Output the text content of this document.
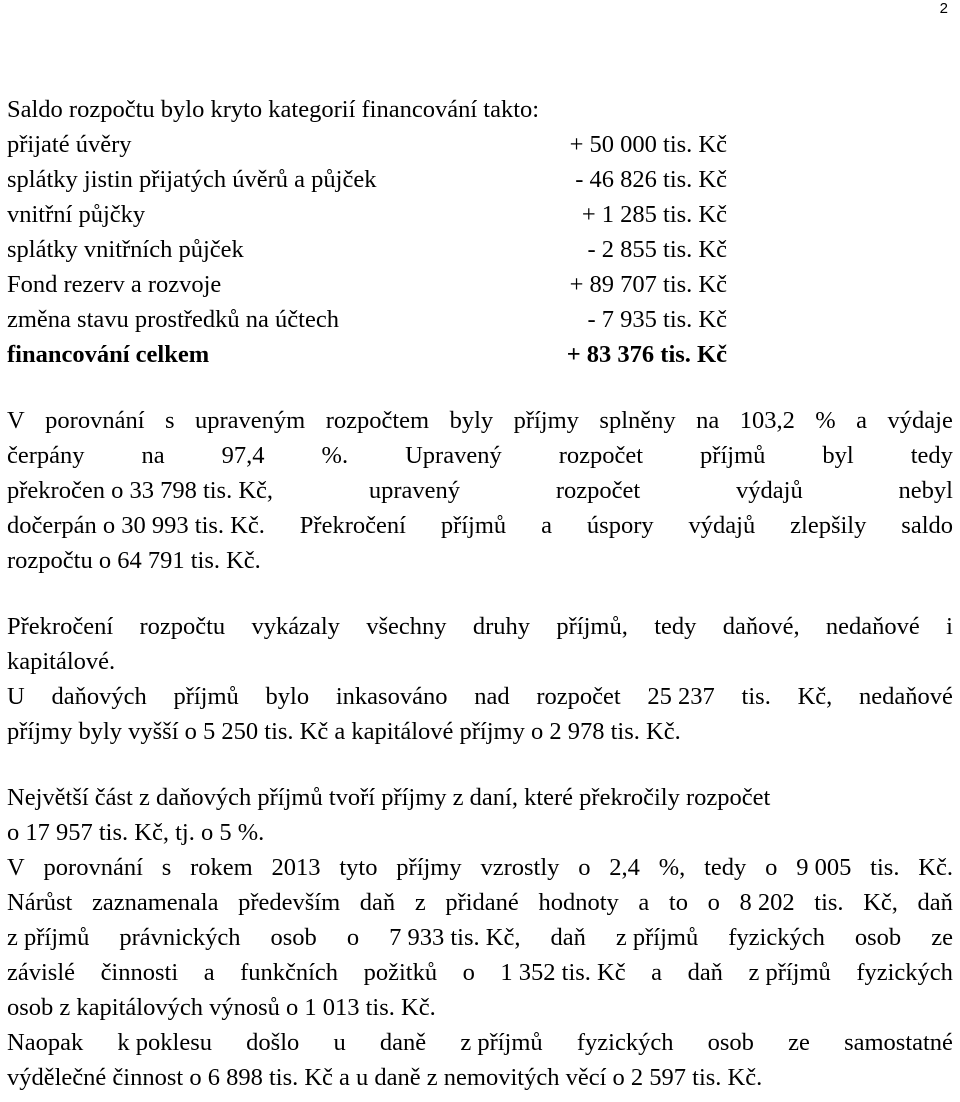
2
Saldo rozpočtu bylo kryto kategorií financování takto:
přijaté úvěry	+ 50 000 tis. Kč
splátky jistin přijatých úvěrů a půjček	- 46 826 tis. Kč
vnitřní půjčky	+ 1 285 tis. Kč
splátky vnitřních půjček	- 2 855 tis. Kč
Fond rezerv a rozvoje	+ 89 707 tis. Kč
změna stavu prostředků na účtech	- 7 935 tis. Kč
financování celkem	+ 83 376 tis. Kč
V porovnání s upraveným rozpočtem byly příjmy splněny na 103,2 % a výdaje
čerpány na 97,4 %. Upravený rozpočet příjmů byl tedy
překročen o 33 798 tis. Kč,	upravený	rozpočet	výdajů	nebyl
dočerpán o 30 993 tis. Kč. Překročení příjmů a úspory výdajů zlepšily saldo
rozpočtu o 64 791 tis. Kč.
Překročení rozpočtu vykázaly všechny druhy příjmů, tedy daňové, nedaňové i
kapitálové.
U daňových příjmů bylo inkasováno nad rozpočet 25 237 tis. Kč, nedaňové
příjmy byly vyšší o 5 250 tis. Kč a kapitálové příjmy o 2 978 tis. Kč.
Největší část z daňových příjmů tvoří příjmy z daní, které překročily rozpočet
o 17 957 tis. Kč, tj. o 5 %.
V porovnání s rokem 2013 tyto příjmy vzrostly o 2,4 %, tedy o 9 005 tis. Kč.
Nárůst zaznamenala především daň z přidané hodnoty a to o 8 202 tis. Kč, daň
z příjmů právnických osob o 7 933 tis. Kč, daň z příjmů fyzických osob ze
závislé činnosti a funkčních požitků o 1 352 tis. Kč a daň z příjmů fyzických
osob z kapitálových výnosů o 1 013 tis. Kč.
Naopak k poklesu došlo u daně z příjmů fyzických osob ze samostatné
výdělečné činnost o 6 898 tis. Kč a u daně z nemovitých věcí o 2 597 tis. Kč.
